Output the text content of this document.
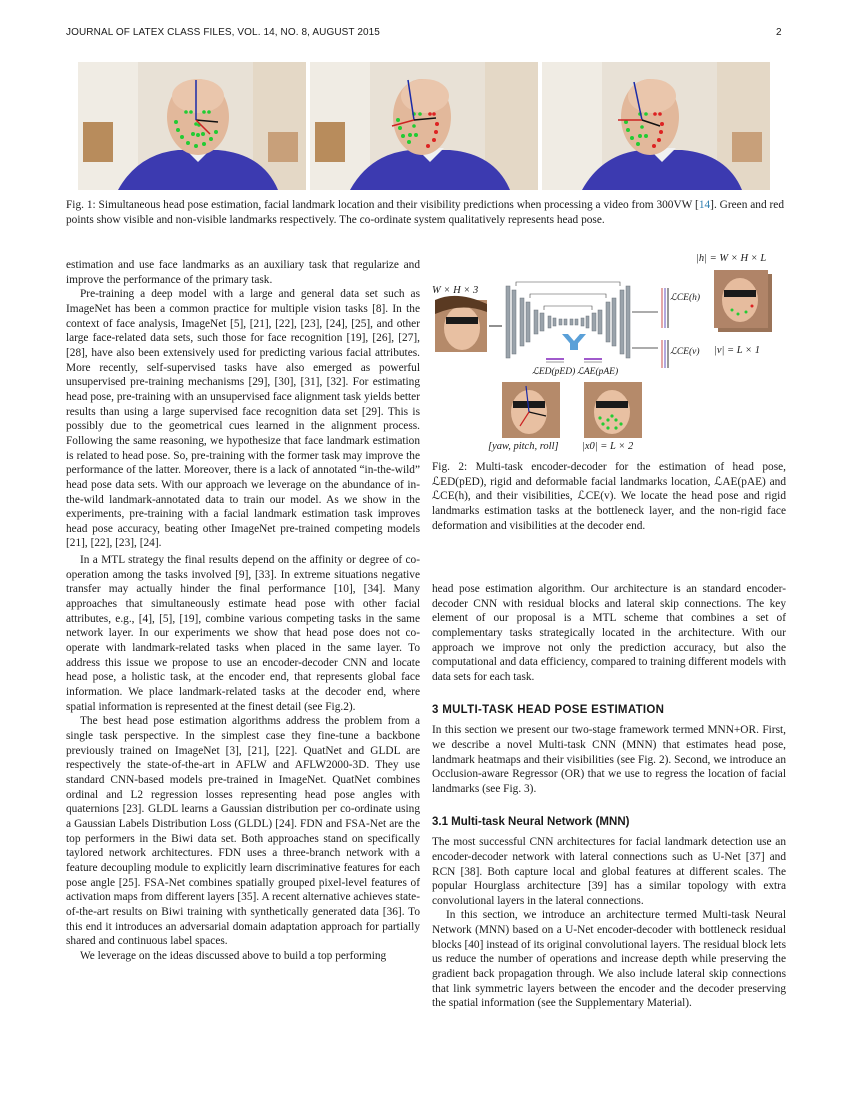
JOURNAL OF LATEX CLASS FILES, VOL. 14, NO. 8, AUGUST 2015	2
Fig. 1: Simultaneous head pose estimation, facial landmark location and their visibility predictions when processing a video from 300VW [14]. Green and red points show visible and non-visible landmarks respectively. The co-ordinate system qualitatively represents head pose.

estimation and use face landmarks as an auxiliary task that regularize and improve the performance of the primary task.

Pre-training a deep model with a large and general data set such as ImageNet has been a common practice for multiple vision tasks [8]. In the context of face analysis, ImageNet [5], [21], [22], [23], [24], [25], and other large face-related data sets, such those for face recognition [19], [26], [27], [28], have also been extensively used for predicting various facial attributes. More recently, self-supervised tasks have also emerged as powerful unsupervised pre-training mechanisms [29], [30], [31], [32]. For estimating head pose, pre-training with an unsupervised face alignment task yields better results than using a large supervised face recognition data set [29]. This is possibly due to the geometrical cues learned in the alignment process. Following the same reasoning, we hypothesize that face landmark estimation is related to head pose. So, pre-training with the former task may improve the performance of the latter. Moreover, there is a lack of annotated “in-the-wild” head pose data sets. With our approach we leverage on the abundance of in-the-wild landmark-annotated data to train our model. As we show in the experiments, pre-training with a facial landmark estimation task improves head pose accuracy, beating other ImageNet pre-trained competing models [21], [22], [23], [24].

In a MTL strategy the final results depend on the affinity or degree of co-operation among the tasks involved [9], [33]. In extreme situations negative transfer may actually hinder the final performance [10], [34]. Many approaches that simultaneously estimate head pose with other facial attributes, e.g., [4], [5], [19], combine various competing tasks in the same network layer. In our experiments we show that head pose does not co-operate with landmark-related tasks when placed in the same layer. To address this issue we propose to use an encoder-decoder CNN and locate head pose, a holistic task, at the encoder end, that represents global face information. We place landmark-related tasks at the decoder end, where spatial information is represented at the finest detail (see Fig.2).

The best head pose estimation algorithms address the problem from a single task perspective. In the simplest case they fine-tune a backbone previously trained on ImageNet [3], [21], [22]. QuatNet and GLDL are respectively the state-of-the-art in AFLW and AFLW2000-3D. They use standard CNN-based models pre-trained in ImageNet. QuatNet combines ordinal and L2 regression losses representing head pose angles with quaternions [23]. GLDL learns a Gaussian distribution per co-ordinate using a Gaussian Labels Distribution Loss (GLDL) [24]. FDN and FSA-Net are the top performers in the Biwi data set. Both approaches stand on specifically taylored network architectures. FDN uses a three-branch network with a feature decoupling module to explicitly learn discriminative features for each pose angle [25]. FSA-Net combines spatially grouped pixel-level features of activation maps from different layers [35]. A recent alternative achieves state-of-the-art results on Biwi training with synthetically generated data [36]. To this end it introduces an adversarial domain adaptation approach for partially shared and continuous label spaces.

We leverage on the ideas discussed above to build a top performing

|h| = W × H × L
W × H × 3
ℒCE(h)
ℒCE(v) |v| = L × 1
ℒED(pED) ℒAE(pAE)
[yaw, pitch, roll] |x0| = L × 2
Fig. 2: Multi-task encoder-decoder for the estimation of head pose, ℒED(pED), rigid and deformable facial landmarks location, ℒAE(pAE) and ℒCE(h), and their visibilities, ℒCE(v). We locate the head pose and rigid landmarks estimation tasks at the bottleneck layer, and the non-rigid face deformation and visibilities at the decoder end.

head pose estimation algorithm. Our architecture is an standard encoder-decoder CNN with residual blocks and lateral skip connections. The key element of our proposal is a MTL scheme that combines a set of complementary tasks strategically located in the architecture. With our approach we improve not only the prediction accuracy, but also the computational and data efficiency, compared to training different models with data sets for each task.

3 MULTI-TASK HEAD POSE ESTIMATION

In this section we present our two-stage framework termed MNN+OR. First, we describe a novel Multi-task CNN (MNN) that estimates head pose, landmark heatmaps and their visibilities (see Fig. 2). Second, we introduce an Occlusion-aware Regressor (OR) that we use to regress the location of facial landmarks (see Fig. 3).

3.1 Multi-task Neural Network (MNN)

The most successful CNN architectures for facial landmark detection use an encoder-decoder network with lateral connections such as U-Net [37] and RCN [38]. Both capture local and global features at different scales. The popular Hourglass architecture [39] has a similar topology with extra convolutional layers in the lateral connections.

In this section, we introduce an architecture termed Multi-task Neural Network (MNN) based on a U-Net encoder-decoder with bottleneck residual blocks [40] instead of its original convolutional layers. The residual block lets us reduce the number of operations and increase depth while preserving the gradient back propagation through. We also include lateral skip connections that link symmetric layers between the encoder and the decoder preserving the spatial information (see the Supplementary Material).
